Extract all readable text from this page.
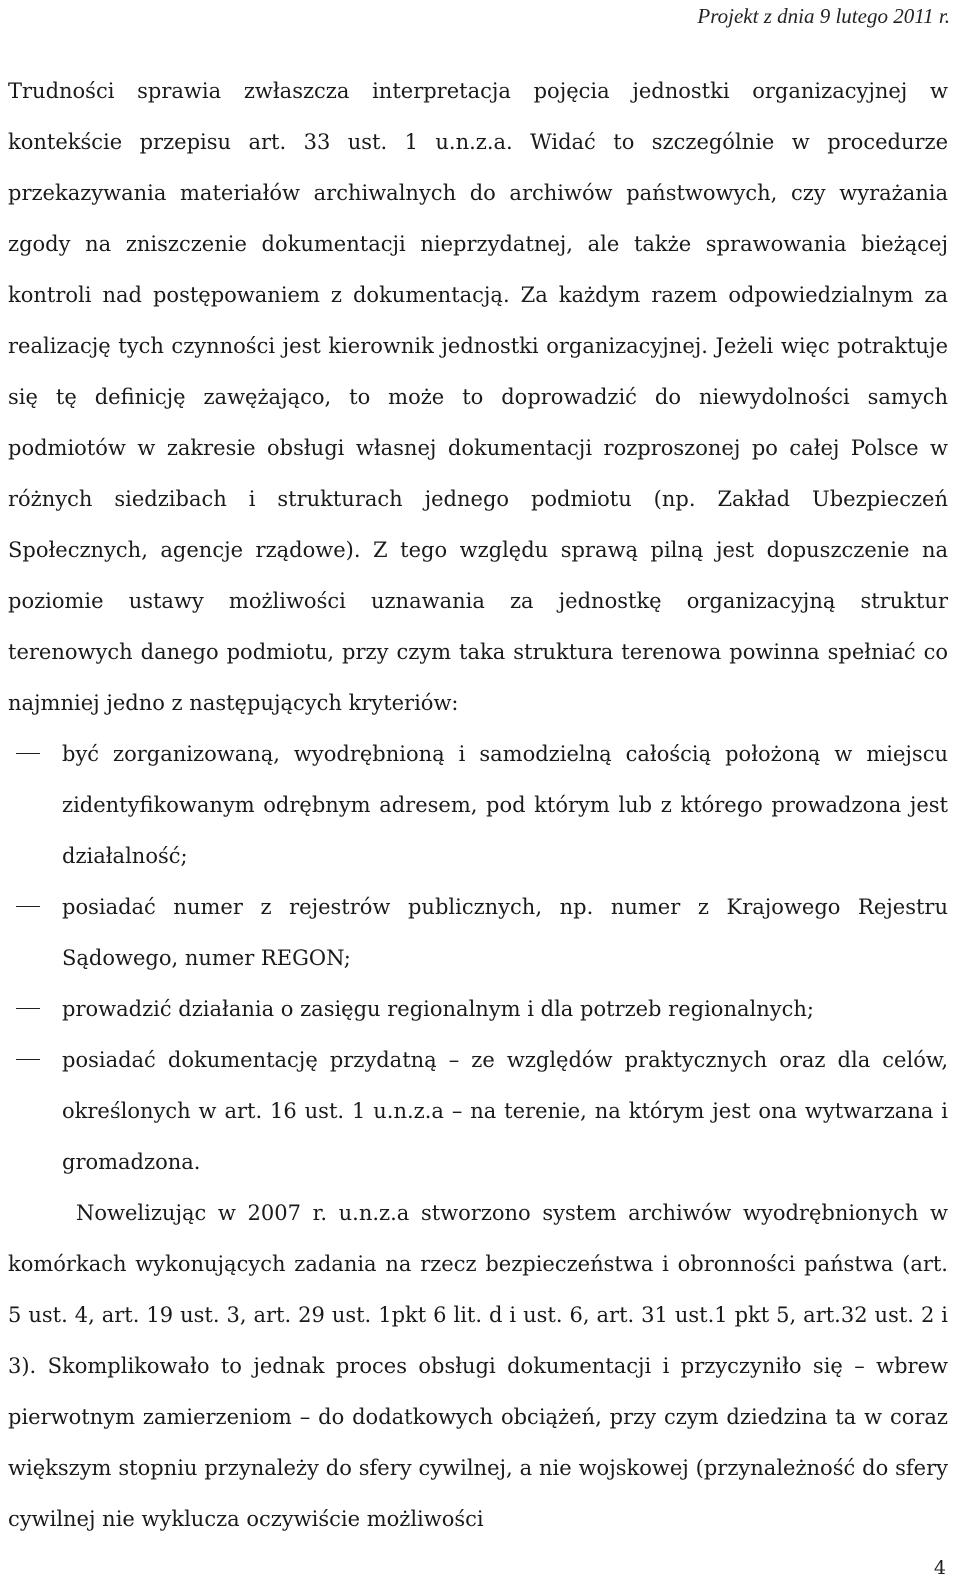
Projekt z dnia 9 lutego 2011 r.

Trudności sprawia zwłaszcza interpretacja pojęcia jednostki organizacyjnej w kontekście przepisu art. 33 ust. 1 u.n.z.a. Widać to szczególnie w procedurze przekazywania materiałów archiwalnych do archiwów państwowych, czy wyrażania zgody na zniszczenie dokumentacji nieprzydatnej, ale także sprawowania bieżącej kontroli nad postępowaniem z dokumentacją. Za każdym razem odpowiedzialnym za realizację tych czynności jest kierownik jednostki organizacyjnej. Jeżeli więc potraktuje się tę definicję zawężająco, to może to doprowadzić do niewydolności samych podmiotów w zakresie obsługi własnej dokumentacji rozproszonej po całej Polsce w różnych siedzibach i strukturach jednego podmiotu (np. Zakład Ubezpieczeń Społecznych, agencje rządowe). Z tego względu sprawą pilną jest dopuszczenie na poziomie ustawy możliwości uznawania za jednostkę organizacyjną struktur terenowych danego podmiotu, przy czym taka struktura terenowa powinna spełniać co najmniej jedno z następujących kryteriów:

być zorganizowaną, wyodrębnioną i samodzielną całością położoną w miejscu zidentyfikowanym odrębnym adresem, pod którym lub z którego prowadzona jest działalność;
posiadać numer z rejestrów publicznych, np. numer z Krajowego Rejestru Sądowego, numer REGON;
prowadzić działania o zasięgu regionalnym i dla potrzeb regionalnych;
posiadać dokumentację przydatną – ze względów praktycznych oraz dla celów, określonych w art. 16 ust. 1 u.n.z.a – na terenie, na którym jest ona wytwarzana i gromadzona.

Nowelizując w 2007 r. u.n.z.a stworzono system archiwów wyodrębnionych w komórkach wykonujących zadania na rzecz bezpieczeństwa i obronności państwa (art. 5 ust. 4, art. 19 ust. 3, art. 29 ust. 1pkt 6 lit. d i ust. 6, art. 31 ust.1 pkt 5, art.32 ust. 2 i 3). Skomplikowało to jednak proces obsługi dokumentacji i przyczyniło się – wbrew pierwotnym zamierzeniom – do dodatkowych obciążeń, przy czym dziedzina ta w coraz większym stopniu przynależy do sfery cywilnej, a nie wojskowej (przynależność do sfery cywilnej nie wyklucza oczywiście możliwości

4
